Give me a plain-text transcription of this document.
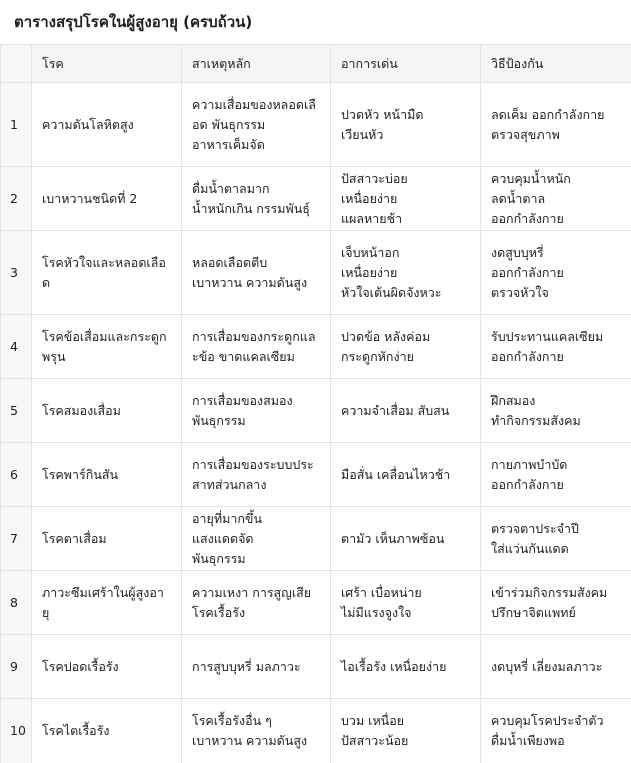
ตารางสรุปโรคในผู้สูงอายุ (ครบถ้วน)
	โรค	สาเหตุหลัก	อาการเด่น	วิธีป้องกัน

1	ความดันโลหิตสูง	ความเสื่อมของหลอดเลือด พันธุกรรม
อาหารเค็มจัด	ปวดหัว หน้ามืด
เวียนหัว	ลดเค็ม ออกกำลังกาย
ตรวจสุขภาพ

2	เบาหวานชนิดที่ 2	ดื่มน้ำตาลมาก
น้ำหนักเกิน กรรมพันธุ์	ปัสสาวะบ่อย
เหนื่อยง่าย
แผลหายช้า	ควบคุมน้ำหนัก
ลดน้ำตาล
ออกกำลังกาย

3	โรคหัวใจและหลอดเลือด	หลอดเลือดตีบ
เบาหวาน ความดันสูง	เจ็บหน้าอก
เหนื่อยง่าย
หัวใจเต้นผิดจังหวะ	งดสูบบุหรี่
ออกกำลังกาย
ตรวจหัวใจ

4	โรคข้อเสื่อมและกระดูกพรุน	การเสื่อมของกระดูกและข้อ ขาดแคลเซียม	ปวดข้อ หลังค่อม
กระดูกหักง่าย	รับประทานแคลเซียม
ออกกำลังกาย

5	โรคสมองเสื่อม	การเสื่อมของสมอง
พันธุกรรม	ความจำเสื่อม สับสน	ฝึกสมอง
ทำกิจกรรมสังคม

6	โรคพาร์กินสัน	การเสื่อมของระบบประสาทส่วนกลาง	มือสั่น เคลื่อนไหวช้า	กายภาพบำบัด
ออกกำลังกาย

7	โรคตาเสื่อม	อายุที่มากขึ้น
แสงแดดจัด
พันธุกรรม	ตามัว เห็นภาพซ้อน	ตรวจตาประจำปี
ใส่แว่นกันแดด

8	ภาวะซึมเศร้าในผู้สูงอายุ	ความเหงา การสูญเสีย
โรคเรื้อรัง	เศร้า เบื่อหน่าย
ไม่มีแรงจูงใจ	เข้าร่วมกิจกรรมสังคม
ปรึกษาจิตแพทย์

9	โรคปอดเรื้อรัง	การสูบบุหรี่ มลภาวะ	ไอเรื้อรัง เหนื่อยง่าย	งดบุหรี่ เลี่ยงมลภาวะ

10	โรคไตเรื้อรัง	โรคเรื้อรังอื่น ๆ
เบาหวาน ความดันสูง	บวม เหนื่อย
ปัสสาวะน้อย	ควบคุมโรคประจำตัว
ดื่มน้ำเพียงพอ
